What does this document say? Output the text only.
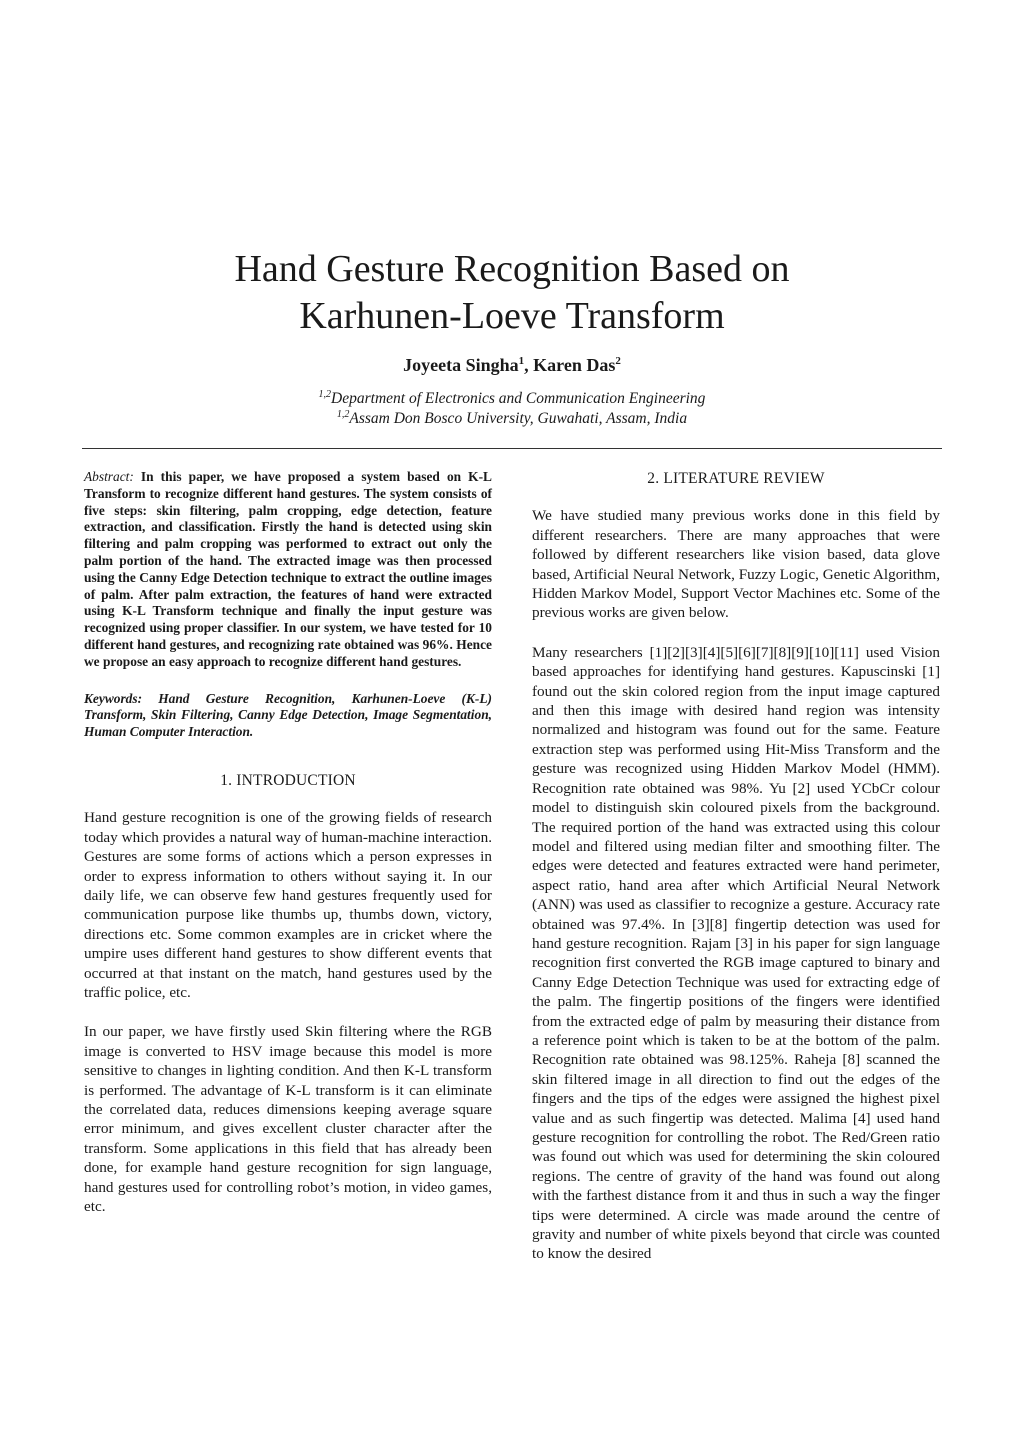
Hand Gesture Recognition Based on
Karhunen-Loeve Transform
Joyeeta Singha$^1$, Karen Das$^2$
$^{1,2}$Department of Electronics and Communication Engineering
$^{1,2}$Assam Don Bosco University, Guwahati, Assam, India

Abstract: In this paper, we have proposed a system based on K-L Transform to recognize different hand gestures. The system consists of five steps: skin filtering, palm cropping, edge detection, feature extraction, and classification. Firstly the hand is detected using skin filtering and palm cropping was performed to extract out only the palm portion of the hand. The extracted image was then processed using the Canny Edge Detection technique to extract the outline images of palm. After palm extraction, the features of hand were extracted using K-L Transform technique and finally the input gesture was recognized using proper classifier. In our system, we have tested for 10 different hand gestures, and recognizing rate obtained was 96%. Hence we propose an easy approach to recognize different hand gestures.

Keywords: Hand Gesture Recognition, Karhunen-Loeve (K-L) Transform, Skin Filtering, Canny Edge Detection, Image Segmentation, Human Computer Interaction.

1. INTRODUCTION

Hand gesture recognition is one of the growing fields of research today which provides a natural way of human-machine interaction. Gestures are some forms of actions which a person expresses in order to express information to others without saying it. In our daily life, we can observe few hand gestures frequently used for communication purpose like thumbs up, thumbs down, victory, directions etc. Some common examples are in cricket where the umpire uses different hand gestures to show different events that occurred at that instant on the match, hand gestures used by the traffic police, etc.

In our paper, we have firstly used Skin filtering where the RGB image is converted to HSV image because this model is more sensitive to changes in lighting condition. And then K-L transform is performed. The advantage of K-L transform is it can eliminate the correlated data, reduces dimensions keeping average square error minimum, and gives excellent cluster character after the transform. Some applications in this field that has already been done, for example hand gesture recognition for sign language, hand gestures used for controlling robot’s motion, in video games, etc.

2. LITERATURE REVIEW

We have studied many previous works done in this field by different researchers. There are many approaches that were followed by different researchers like vision based, data glove based, Artificial Neural Network, Fuzzy Logic, Genetic Algorithm, Hidden Markov Model, Support Vector Machines etc. Some of the previous works are given below.

Many researchers [1][2][3][4][5][6][7][8][9][10][11] used Vision based approaches for identifying hand gestures. Kapuscinski [1] found out the skin colored region from the input image captured and then this image with desired hand region was intensity normalized and histogram was found out for the same. Feature extraction step was performed using Hit-Miss Transform and the gesture was recognized using Hidden Markov Model (HMM). Recognition rate obtained was 98%. Yu [2] used YCbCr colour model to distinguish skin coloured pixels from the background. The required portion of the hand was extracted using this colour model and filtered using median filter and smoothing filter. The edges were detected and features extracted were hand perimeter, aspect ratio, hand area after which Artificial Neural Network (ANN) was used as classifier to recognize a gesture. Accuracy rate obtained was 97.4%. In [3][8] fingertip detection was used for hand gesture recognition. Rajam [3] in his paper for sign language recognition first converted the RGB image captured to binary and Canny Edge Detection Technique was used for extracting edge of the palm. The fingertip positions of the fingers were identified from the extracted edge of palm by measuring their distance from a reference point which is taken to be at the bottom of the palm. Recognition rate obtained was 98.125%. Raheja [8] scanned the skin filtered image in all direction to find out the edges of the fingers and the tips of the edges were assigned the highest pixel value and as such fingertip was detected. Malima [4] used hand gesture recognition for controlling the robot. The Red/Green ratio was found out which was used for determining the skin coloured regions. The centre of gravity of the hand was found out along with the farthest distance from it and thus in such a way the finger tips were determined. A circle was made around the centre of gravity and number of white pixels beyond that circle was counted to know the desired
